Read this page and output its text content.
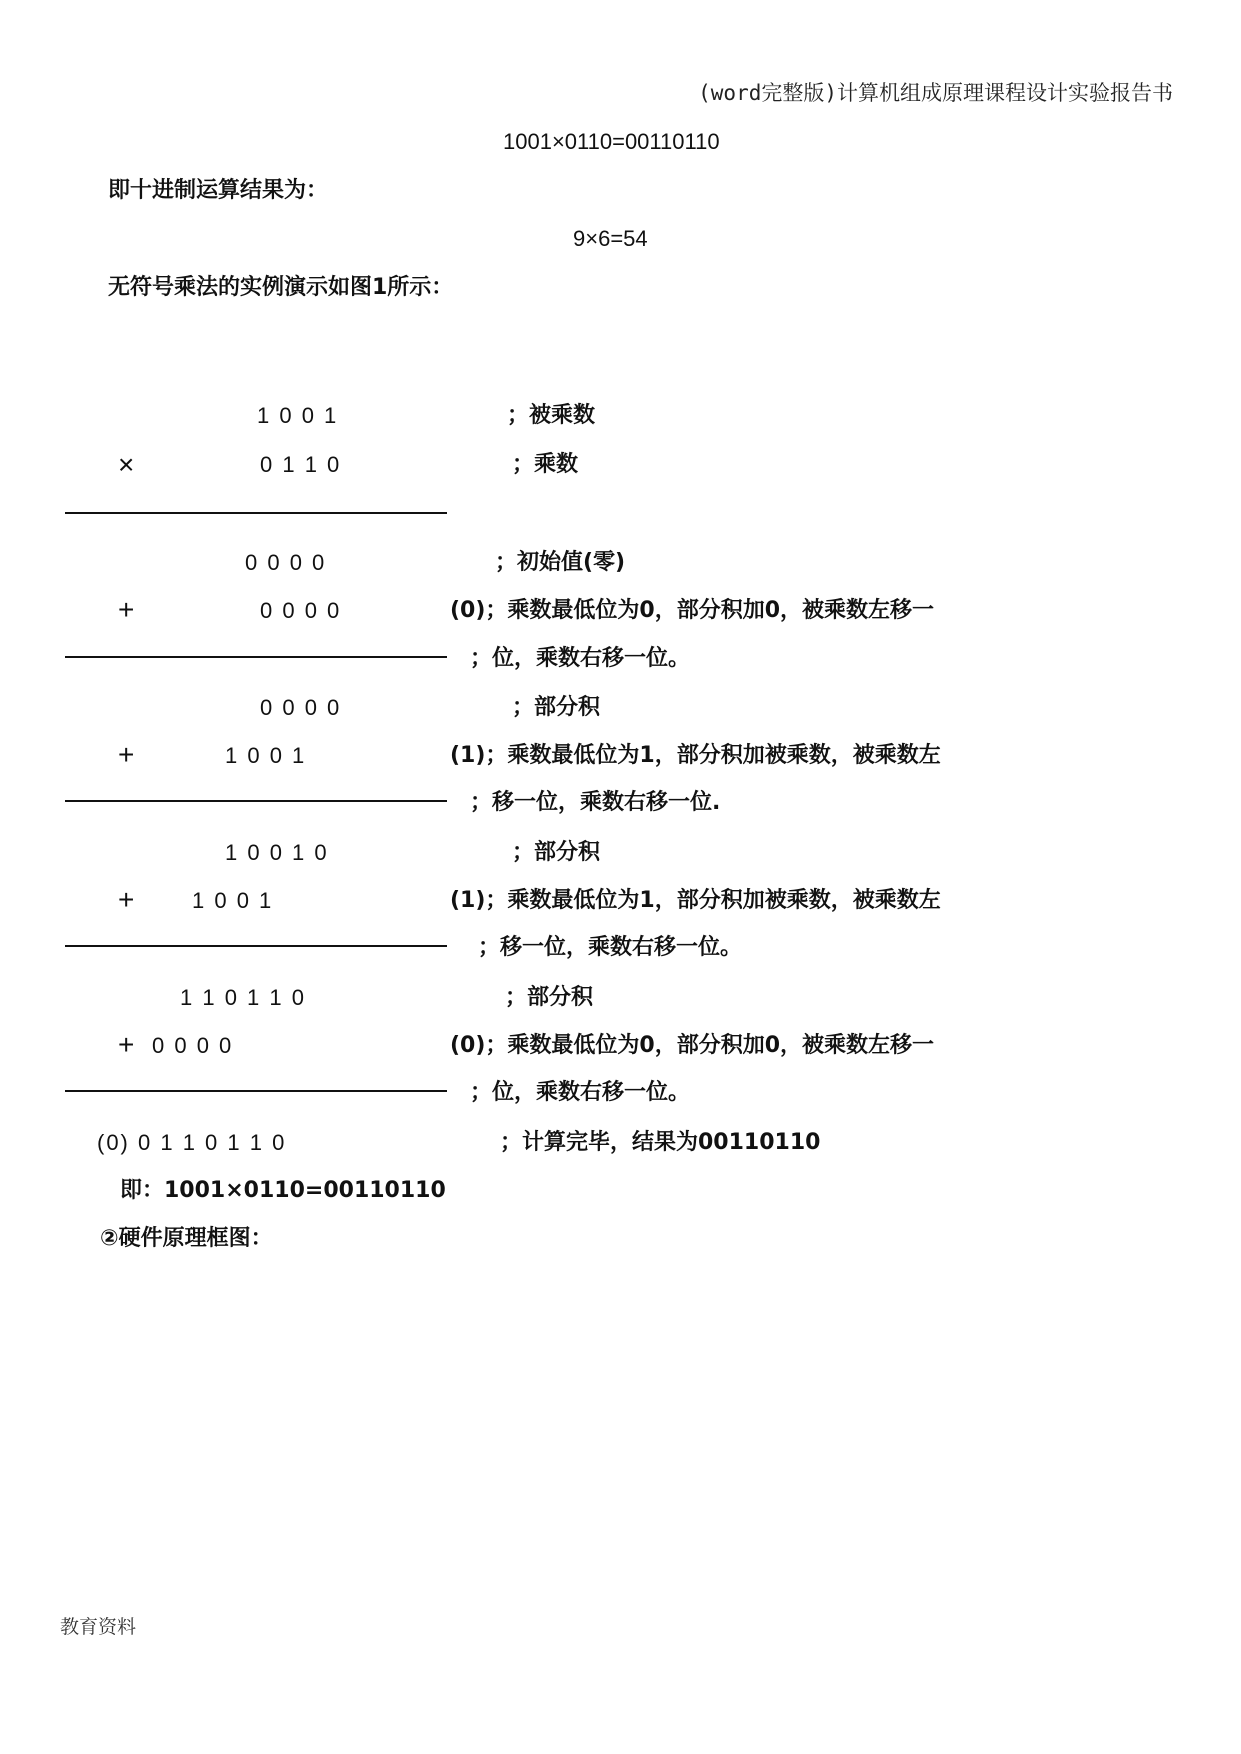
(word完整版)计算机组成原理课程设计实验报告书
1001×0110=00110110
即十进制运算结果为：
9×6=54
无符号乘法的实例演示如图1所示：
1 0 0 1	；被乘数
×	0 1 1 0	；乘数
0 0 0 0	；初始值(零)
+	0 0 0 0	(0)；乘数最低位为0，部分积加0，被乘数左移一
；位，乘数右移一位。
0 0 0 0	；部分积
+	1 0 0 1	(1)；乘数最低位为1，部分积加被乘数，被乘数左
；移一位，乘数右移一位.
1 0 0 1 0	；部分积
+	1 0 0 1	(1)；乘数最低位为1，部分积加被乘数，被乘数左
；移一位，乘数右移一位。
1 1 0 1 1 0	；部分积
+ 0 0 0 0	(0)；乘数最低位为0，部分积加0，被乘数左移一
；位，乘数右移一位。
(0) 0 1 1 0 1 1 0	；计算完毕，结果为00110110
即：1001×0110=00110110
②硬件原理框图：
教育资料
